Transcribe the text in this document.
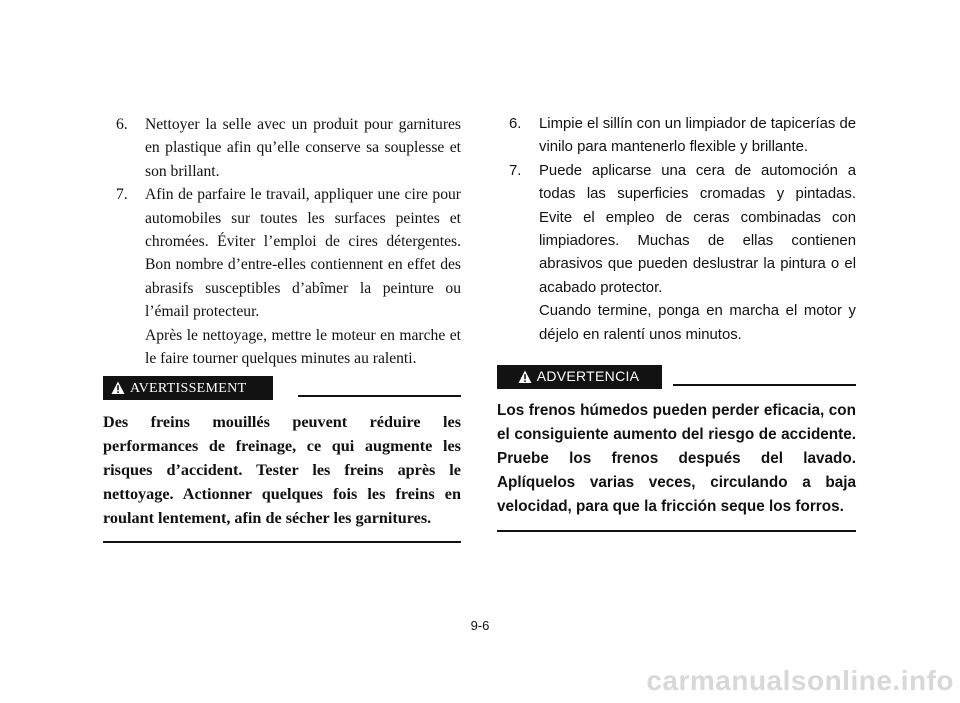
6. Nettoyer la selle avec un produit pour garnitures en plastique afin qu’elle conserve sa souplesse et son brillant.
7. Afin de parfaire le travail, appliquer une cire pour automobiles sur toutes les surfaces peintes et chromées. Éviter l’emploi de cires détergentes. Bon nombre d’entre-elles contiennent en effet des abrasifs susceptibles d’abîmer la peinture ou l’émail protecteur.
Après le nettoyage, mettre le moteur en marche et le faire tourner quelques minutes au ralenti.
AVERTISSEMENT
Des freins mouillés peuvent réduire les performances de freinage, ce qui augmente les risques d’accident. Tester les freins après le nettoyage. Actionner quelques fois les freins en roulant lentement, afin de sécher les garnitures.
6. Limpie el sillín con un limpiador de tapicerías de vinilo para mantenerlo flexible y brillante.
7. Puede aplicarse una cera de automoción a todas las superficies cromadas y pintadas. Evite el empleo de ceras combinadas con limpiadores. Muchas de ellas contienen abrasivos que pueden deslustrar la pintura o el acabado protector.
Cuando termine, ponga en marcha el motor y déjelo en ralentí unos minutos.
ADVERTENCIA
Los frenos húmedos pueden perder eficacia, con el consiguiente aumento del riesgo de accidente. Pruebe los frenos después del lavado. Aplíquelos varias veces, circulando a baja velocidad, para que la fricción seque los forros.
9-6
carmanualsonline.info
